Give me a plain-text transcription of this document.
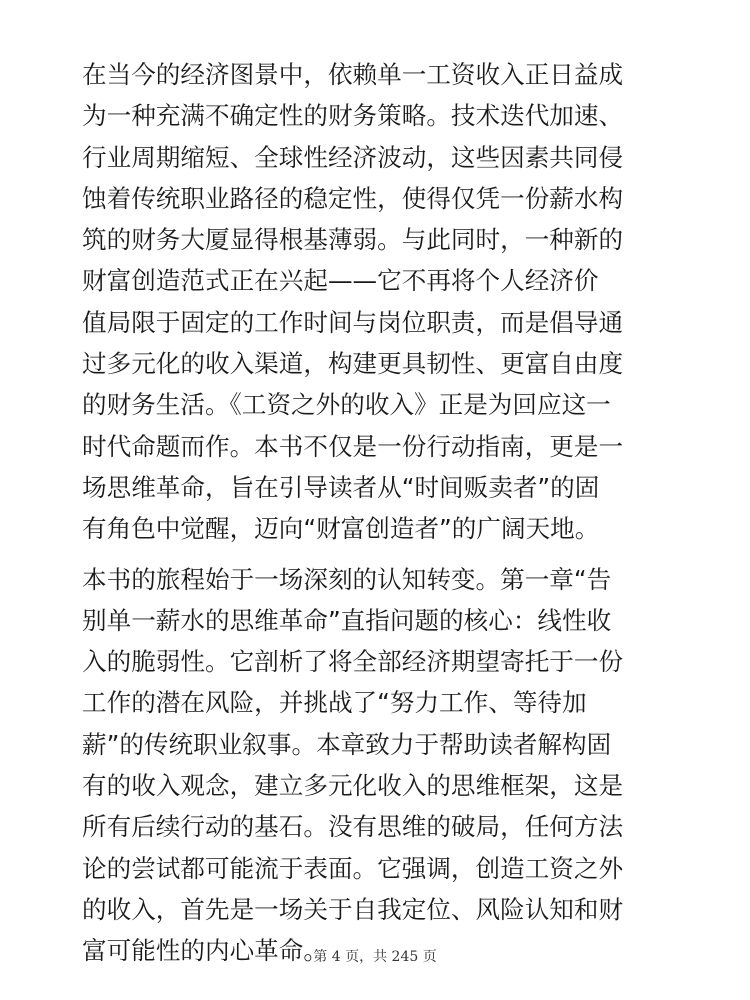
在当今的经济图景中，依赖单一工资收入正日益成
为一种充满不确定性的财务策略。技术迭代加速、
行业周期缩短、全球性经济波动，这些因素共同侵
蚀着传统职业路径的稳定性，使得仅凭一份薪水构
筑的财务大厦显得根基薄弱。与此同时，一种新的
财富创造范式正在兴起——它不再将个人经济价
值局限于固定的工作时间与岗位职责，而是倡导通
过多元化的收入渠道，构建更具韧性、更富自由度
的财务生活。《工资之外的收入》正是为回应这一
时代命题而作。本书不仅是一份行动指南，更是一
场思维革命，旨在引导读者从“时间贩卖者”的固
有角色中觉醒，迈向“财富创造者”的广阔天地。

本书的旅程始于一场深刻的认知转变。第一章“告
别单一薪水的思维革命”直指问题的核心：线性收
入的脆弱性。它剖析了将全部经济期望寄托于一份
工作的潜在风险，并挑战了“努力工作、等待加
薪”的传统职业叙事。本章致力于帮助读者解构固
有的收入观念，建立多元化收入的思维框架，这是
所有后续行动的基石。没有思维的破局，任何方法
论的尝试都可能流于表面。它强调，创造工资之外
的收入，首先是一场关于自我定位、风险认知和财
富可能性的内心革命。

第 4 页，共 245 页
